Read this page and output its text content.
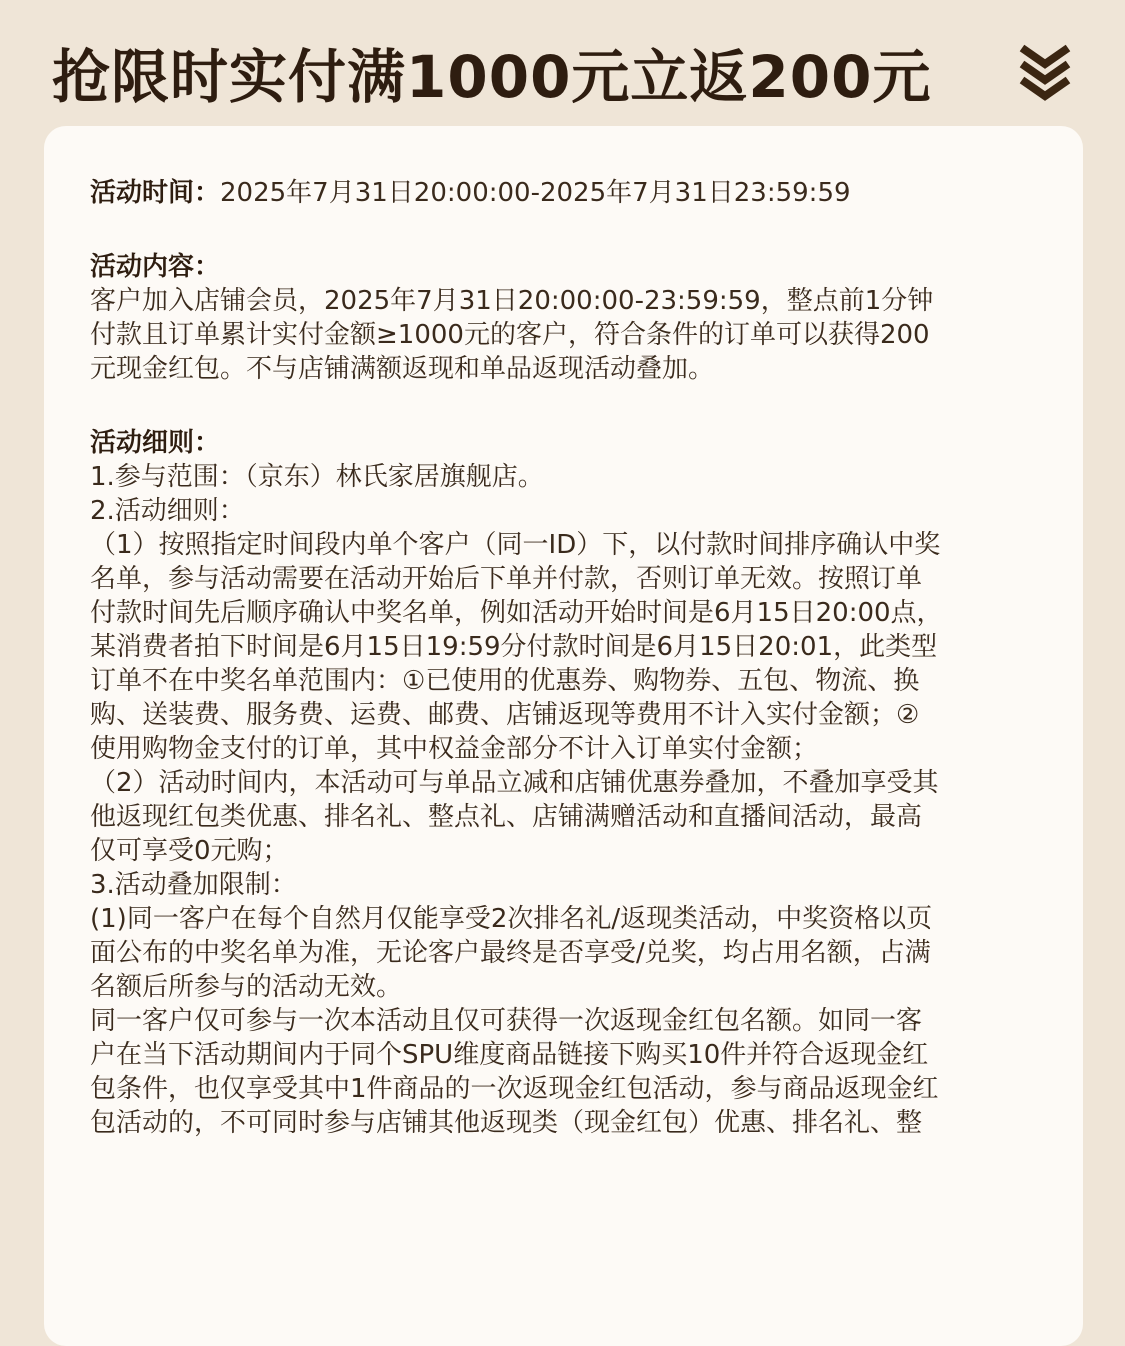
抢限时实付满1000元立返200元
活动时间： 2025年7月31日20:00:00-2025年7月31日23:59:59

活动内容：

客户加入店铺会员，2025年7月31日20:00:00-23:59:59，整点前1分钟

付款且订单累计实付金额≥1000元的客户，符合条件的订单可以获得200

元现金红包。不与店铺满额返现和单品返现活动叠加。

活动细则：

1.参与范围：（京东）林氏家居旗舰店。

2.活动细则：

（1）按照指定时间段内单个客户（同一ID）下，以付款时间排序确认中奖

名单，参与活动需要在活动开始后下单并付款，否则订单无效。按照订单

付款时间先后顺序确认中奖名单，例如活动开始时间是6月15日20:00点，

某消费者拍下时间是6月15日19:59分付款时间是6月15日20:01，此类型

订单不在中奖名单范围内：①已使用的优惠券、购物券、五包、物流、换

购、送装费、服务费、运费、邮费、店铺返现等费用不计入实付金额；②

使用购物金支付的订单，其中权益金部分不计入订单实付金额；

（2）活动时间内，本活动可与单品立减和店铺优惠券叠加，不叠加享受其

他返现红包类优惠、排名礼、整点礼、店铺满赠活动和直播间活动，最高

仅可享受0元购；

3.活动叠加限制：

(1)同一客户在每个自然月仅能享受2次排名礼/返现类活动，中奖资格以页

面公布的中奖名单为准，无论客户最终是否享受/兑奖，均占用名额，占满

名额后所参与的活动无效。

同一客户仅可参与一次本活动且仅可获得一次返现金红包名额。如同一客

户在当下活动期间内于同个SPU维度商品链接下购买10件并符合返现金红

包条件，也仅享受其中1件商品的一次返现金红包活动，参与商品返现金红

包活动的，不可同时参与店铺其他返现类（现金红包）优惠、排名礼、整
